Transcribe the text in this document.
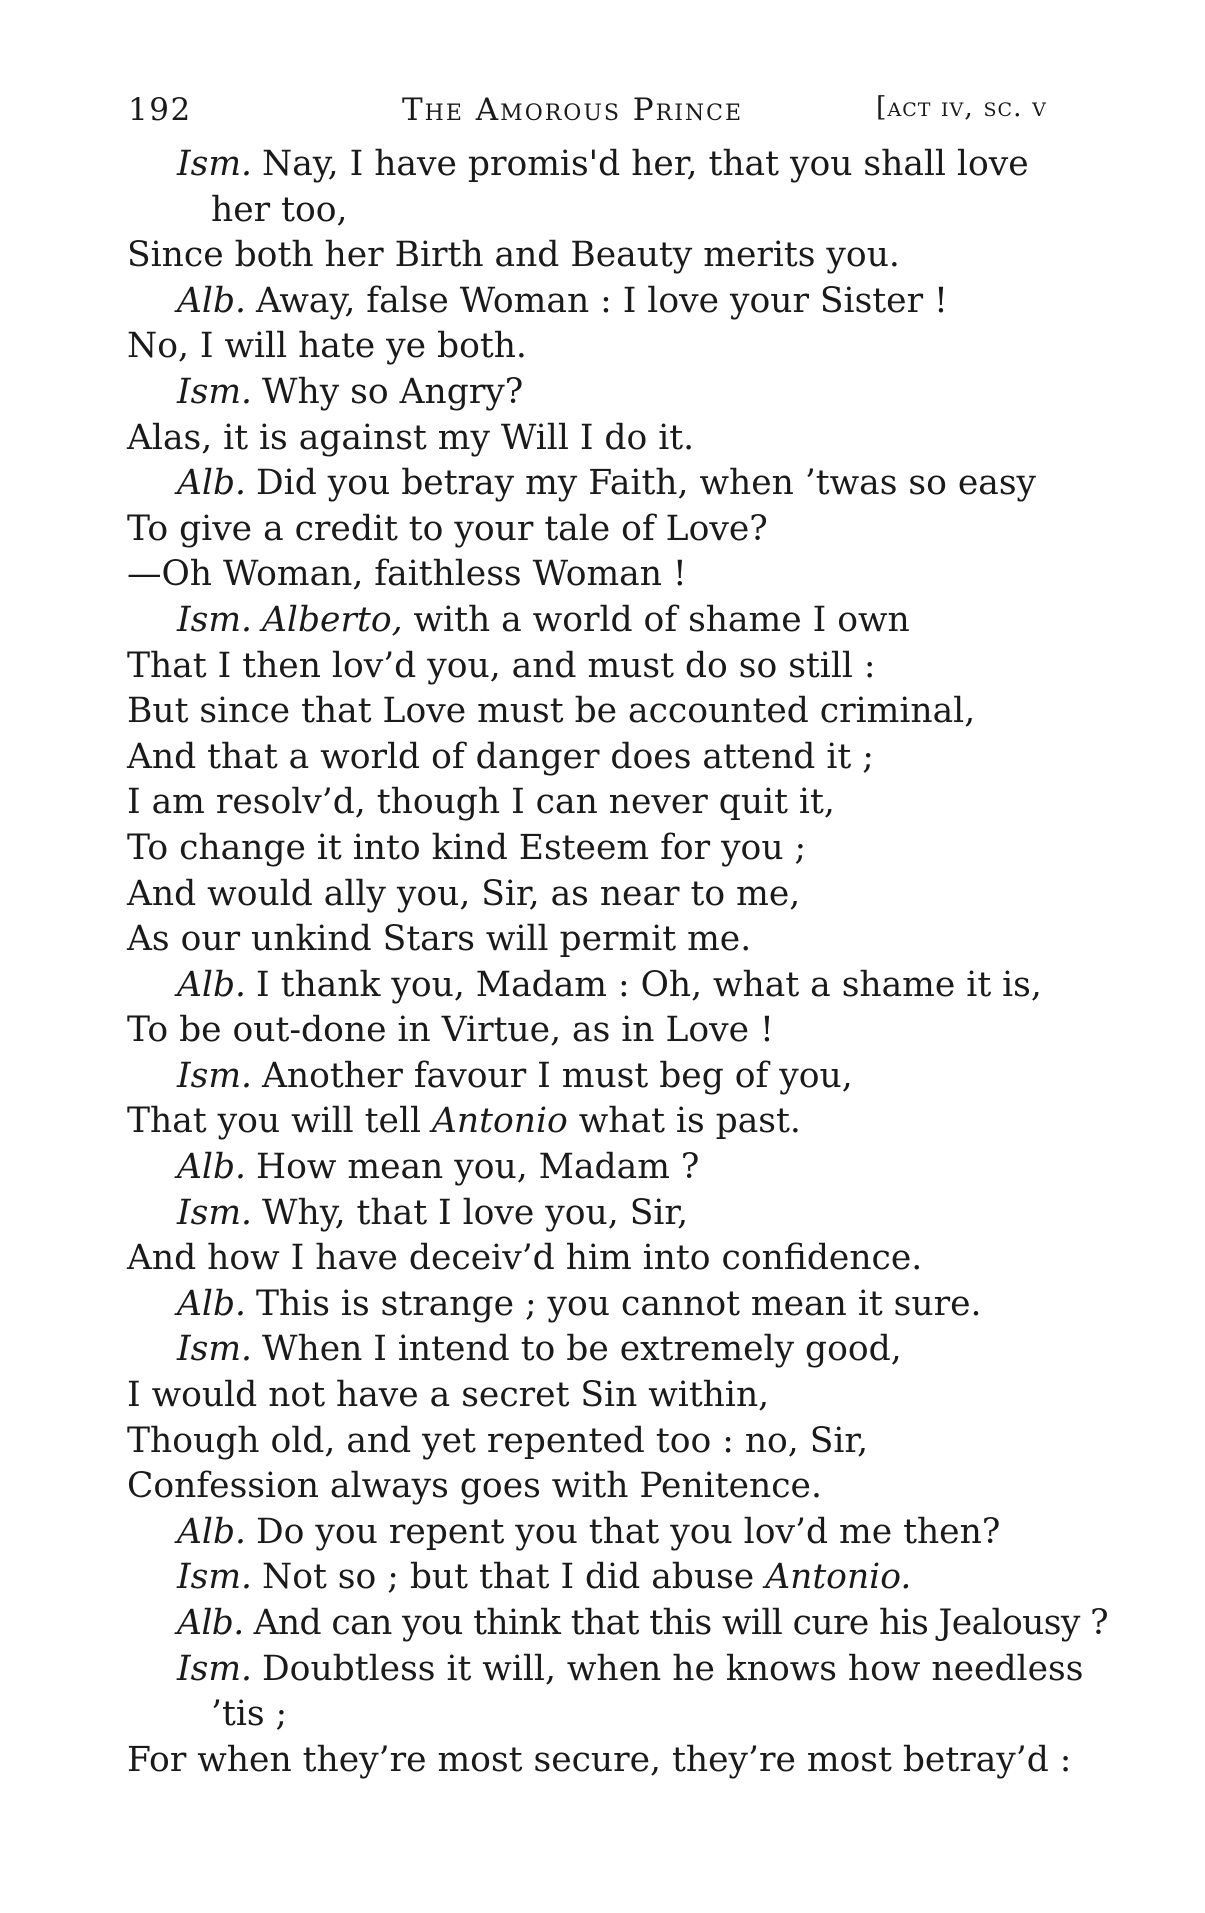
192	The Amorous Prince	[act iv, sc. v
Ism. Nay, I have promis'd her, that you shall love
her too,
Since both her Birth and Beauty merits you.
Alb. Away, false Woman : I love your Sister !
No, I will hate ye both.
Ism. Why so Angry?
Alas, it is against my Will I do it.
Alb. Did you betray my Faith, when ’twas so easy
To give a credit to your tale of Love?
—Oh Woman, faithless Woman !
Ism. Alberto, with a world of shame I own
That I then lov’d you, and must do so still :
But since that Love must be accounted criminal,
And that a world of danger does attend it ;
I am resolv’d, though I can never quit it,
To change it into kind Esteem for you ;
And would ally you, Sir, as near to me,
As our unkind Stars will permit me.
Alb. I thank you, Madam : Oh, what a shame it is,
To be out-done in Virtue, as in Love !
Ism. Another favour I must beg of you,
That you will tell Antonio what is past.
Alb. How mean you, Madam ?
Ism. Why, that I love you, Sir,
And how I have deceiv’d him into confidence.
Alb. This is strange ; you cannot mean it sure.
Ism. When I intend to be extremely good,
I would not have a secret Sin within,
Though old, and yet repented too : no, Sir,
Confession always goes with Penitence.
Alb. Do you repent you that you lov’d me then?
Ism. Not so ; but that I did abuse Antonio.
Alb. And can you think that this will cure his Jealousy ?
Ism. Doubtless it will, when he knows how needless
’tis ;
For when they’re most secure, they’re most betray’d :
